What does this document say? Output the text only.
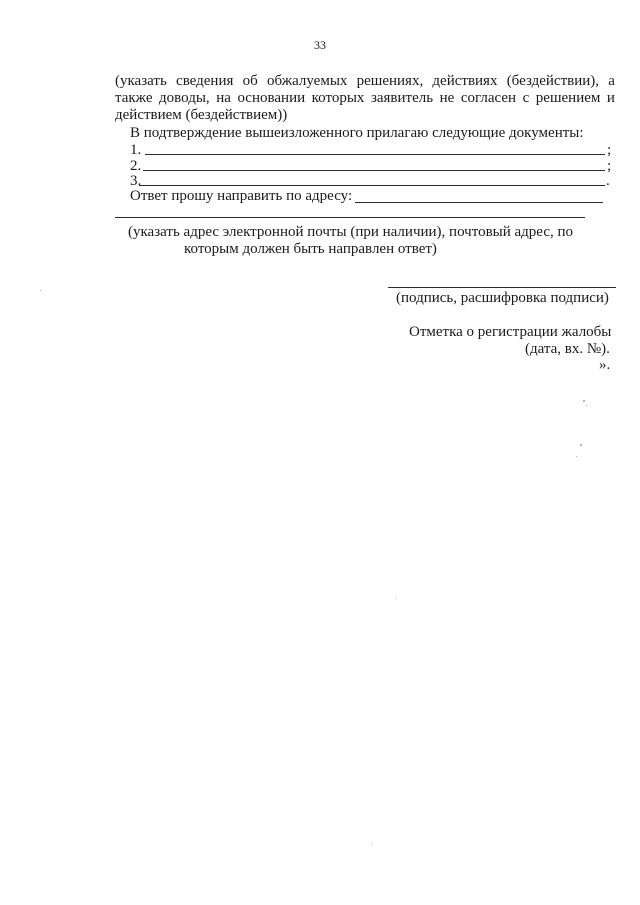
33
(указать сведения об обжалуемых решениях, действиях (бездействии), а
также доводы, на основании которых заявитель не согласен с решением и
действием (бездействием))
В подтверждение вышеизложенного прилагаю следующие документы:
1.	;
2.	;
3.	.
Ответ прошу направить по адресу:
(указать адрес электронной почты (при наличии), почтовый адрес, по
которым должен быть направлен ответ)
(подпись, расшифровка подписи)
Отметка о регистрации жалобы
(дата, вх. №).
».
